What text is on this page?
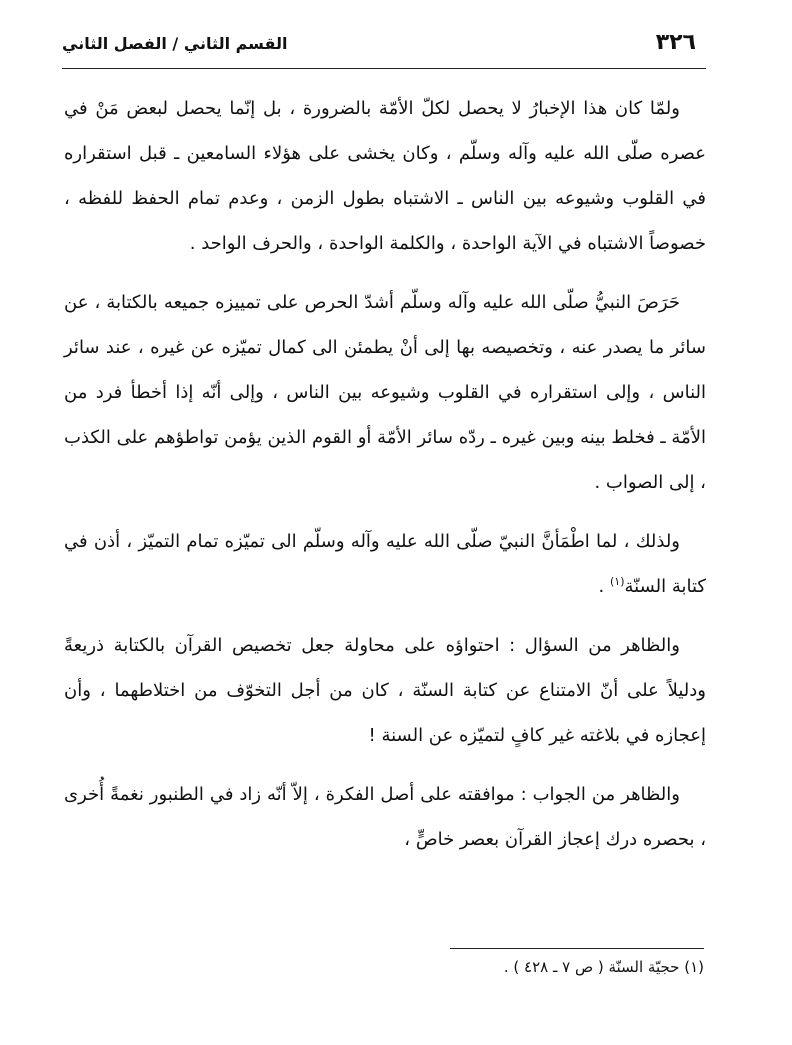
٣٢٦
القسم الثاني / الفصل الثاني

ولمّا كان هذا الإخبارُ لا يحصل لكلّ الأمّة بالضرورة ، بل إنّما يحصل لبعض مَنْ في عصره صلّى الله عليه وآله وسلّم ، وكان يخشى على هؤلاء السامعين ـ قبل استقراره في القلوب وشيوعه بين الناس ـ الاشتباه بطول الزمن ، وعدم تمام الحفظ للفظه ، خصوصاً الاشتباه في الآية الواحدة ، والكلمة الواحدة ، والحرف الواحد .

حَرَصَ النبيُّ صلّى الله عليه وآله وسلّم أشدّ الحرص على تمييزه جميعه بالكتابة ، عن سائر ما يصدر عنه ، وتخصيصه بها إلى أنْ يطمئن الى كمال تميّزه عن غيره ، عند سائر الناس ، وإلى استقراره في القلوب وشيوعه بين الناس ، وإلى أنّه إذا أخطأ فرد من الأمّة ـ فخلط بينه وبين غيره ـ ردّه سائر الأمّة أو القوم الذين يؤمن تواطؤهم على الكذب ، إلى الصواب .

ولذلك ، لما اطْمَأنَّ النبيّ صلّى الله عليه وآله وسلّم الى تميّزه تمام التميّز ، أذن في كتابة السنّة$^{(١)}$ .

والظاهر من السؤال : احتواؤه على محاولة جعل تخصيص القرآن بالكتابة ذريعةً ودليلاً على أنّ الامتناع عن كتابة السنّة ، كان من أجل التخوّف من اختلاطهما ، وأن إعجازه في بلاغته غير كافٍ لتميّزه عن السنة !

والظاهر من الجواب : موافقته على أصل الفكرة ، إلاّ أنّه زاد في الطنبور نغمةً أُخرى ، بحصره درك إعجاز القرآن بعصر خاصٍّ ،

(١) حجيّة السنّة ( ص ٧ ـ ٤٢٨ ) .
